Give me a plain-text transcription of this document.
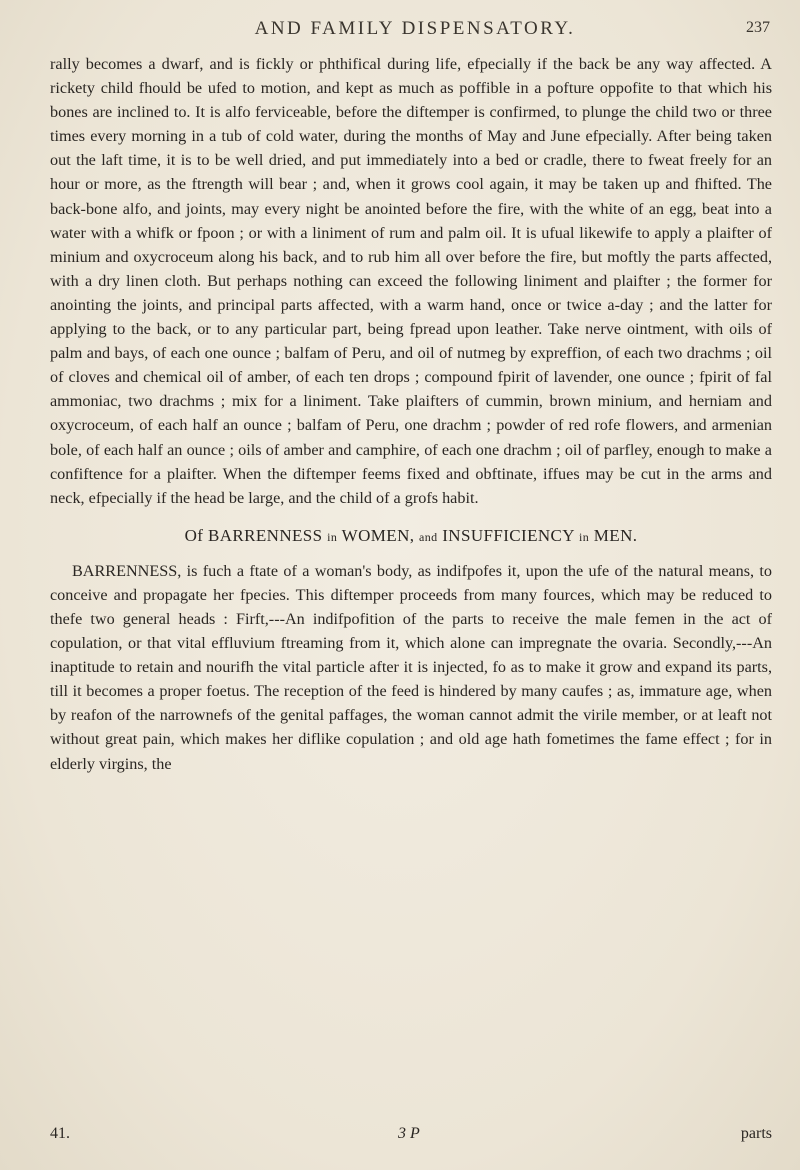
AND FAMILY DISPENSATORY.	237

rally becomes a dwarf, and is fickly or phthifical during life, efpecially if the back be any way affected. A rickety child fhould be ufed to motion, and kept as much as poffible in a pofture oppofite to that which his bones are inclined to. It is alfo ferviceable, before the diftemper is confirmed, to plunge the child two or three times every morning in a tub of cold water, during the months of May and June efpecially. After being taken out the laft time, it is to be well dried, and put immediately into a bed or cradle, there to fweat freely for an hour or more, as the ftrength will bear ; and, when it grows cool again, it may be taken up and fhifted. The back-bone alfo, and joints, may every night be anointed before the fire, with the white of an egg, beat into a water with a whifk or fpoon ; or with a liniment of rum and palm oil. It is ufual likewife to apply a plaifter of minium and oxycroceum along his back, and to rub him all over before the fire, but moftly the parts affected, with a dry linen cloth. But perhaps nothing can exceed the following liniment and plaifter ; the former for anointing the joints, and principal parts affected, with a warm hand, once or twice a-day ; and the latter for applying to the back, or to any particular part, being fpread upon leather. Take nerve ointment, with oils of palm and bays, of each one ounce ; balfam of Peru, and oil of nutmeg by expreffion, of each two drachms ; oil of cloves and chemical oil of amber, of each ten drops ; compound fpirit of lavender, one ounce ; fpirit of fal ammoniac, two drachms ; mix for a liniment. Take plaifters of cummin, brown minium, and herniam and oxycroceum, of each half an ounce ; balfam of Peru, one drachm ; powder of red rofe flowers, and armenian bole, of each half an ounce ; oils of amber and camphire, of each one drachm ; oil of parfley, enough to make a confiftence for a plaifter. When the diftemper feems fixed and obftinate, iffues may be cut in the arms and neck, efpecially if the head be large, and the child of a grofs habit.

Of BARRENNESS in WOMEN, and INSUFFICIENCY in MEN.

BARRENNESS, is fuch a ftate of a woman's body, as indifpofes it, upon the ufe of the natural means, to conceive and propagate her fpecies. This diftemper proceeds from many fources, which may be reduced to thefe two general heads : Firft,---An indifpofition of the parts to receive the male femen in the act of copulation, or that vital effluvium ftreaming from it, which alone can impregnate the ovaria. Secondly,---An inaptitude to retain and nourifh the vital particle after it is injected, fo as to make it grow and expand its parts, till it becomes a proper foetus. The reception of the feed is hindered by many caufes ; as, immature age, when by reafon of the narrownefs of the genital paffages, the woman cannot admit the virile member, or at leaft not without great pain, which makes her diflike copulation ; and old age hath fometimes the fame effect ; for in elderly virgins, the

41.	3 P	parts
